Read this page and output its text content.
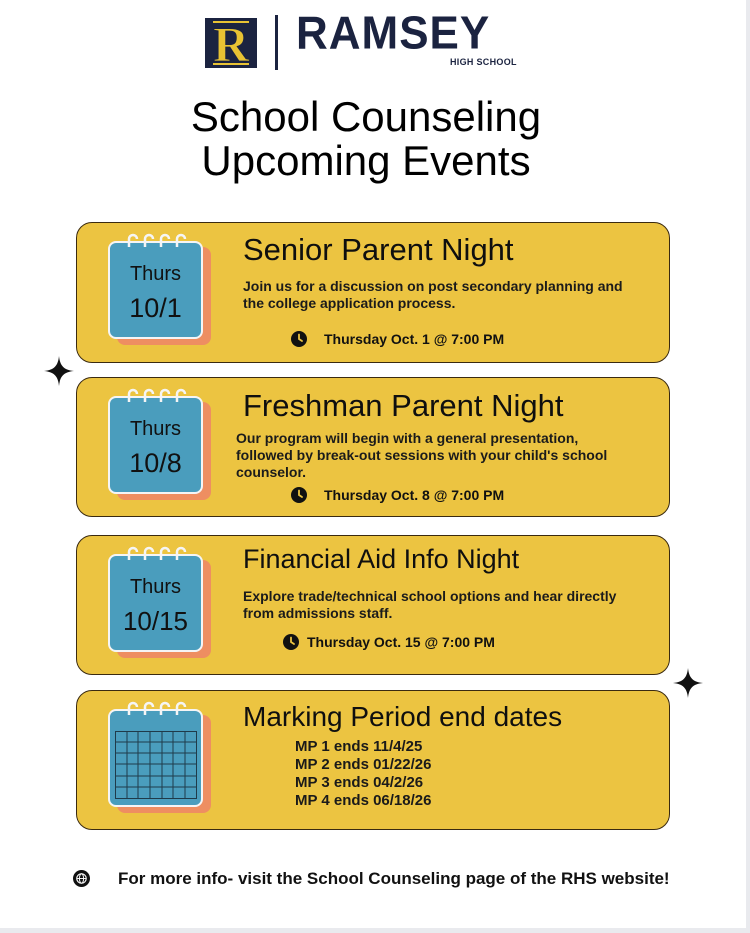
R RAMSEY
HIGH SCHOOL
School Counseling
Upcoming Events
Thurs
10/1
Senior Parent Night
Join us for a discussion on post secondary planning and the college application process.
Thursday Oct. 1 @ 7:00 PM
Thurs
10/8
Freshman Parent Night
Our program will begin with a general presentation, followed by break-out sessions with your child's school counselor.
Thursday Oct. 8 @ 7:00 PM
Thurs
10/15
Financial Aid Info Night
Explore trade/technical school options and hear directly from admissions staff.
Thursday Oct. 15 @ 7:00 PM
Marking Period end dates
MP 1 ends 11/4/25
MP 2 ends 01/22/26
MP 3 ends 04/2/26
MP 4 ends 06/18/26
For more info- visit the School Counseling page of the RHS website!
